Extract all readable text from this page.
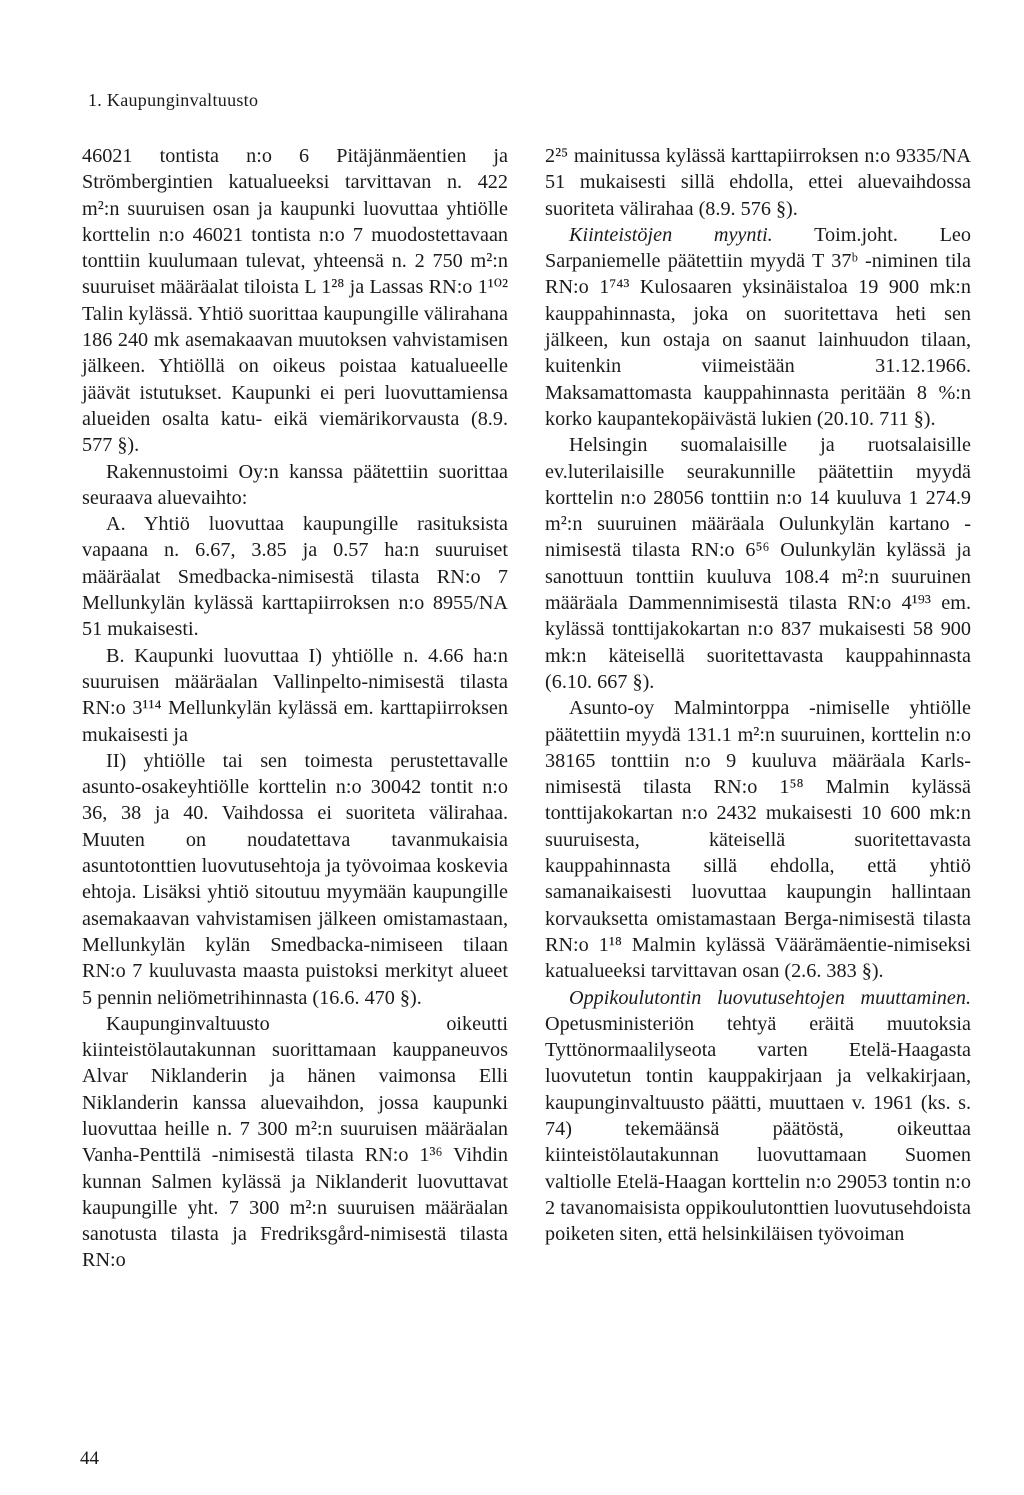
1. Kaupunginvaltuusto

46021 tontista n:o 6 Pitäjänmäentien ja Strömbergintien katualueeksi tarvittavan n. 422 m²:n suuruisen osan ja kaupunki luovuttaa yhtiölle korttelin n:o 46021 tontista n:o 7 muodostettavaan tonttiin kuulumaan tulevat, yhteensä n. 2 750 m²:n suuruiset määräalat tiloista L 1²⁸ ja Lassas RN:o 1¹⁰² Talin kylässä. Yhtiö suorittaa kaupungille välirahana 186 240 mk asemakaavan muutoksen vahvistamisen jälkeen. Yhtiöllä on oikeus poistaa katualueelle jäävät istutukset. Kaupunki ei peri luovuttamiensa alueiden osalta katu- eikä viemärikorvausta (8.9. 577 §).

Rakennustoimi Oy:n kanssa päätettiin suorittaa seuraava aluevaihto:

A. Yhtiö luovuttaa kaupungille rasituksista vapaana n. 6.67, 3.85 ja 0.57 ha:n suuruiset määräalat Smedbacka-nimisestä tilasta RN:o 7 Mellunkylän kylässä karttapiirroksen n:o 8955/NA 51 mukaisesti.

B. Kaupunki luovuttaa I) yhtiölle n. 4.66 ha:n suuruisen määräalan Vallinpelto-nimisestä tilasta RN:o 3¹¹⁴ Mellunkylän kylässä em. karttapiirroksen mukaisesti ja

II) yhtiölle tai sen toimesta perustettavalle asunto-osakeyhtiölle korttelin n:o 30042 tontit n:o 36, 38 ja 40. Vaihdossa ei suoriteta välirahaa. Muuten on noudatettava tavanmukaisia asuntotonttien luovutusehtoja ja työvoimaa koskevia ehtoja. Lisäksi yhtiö sitoutuu myymään kaupungille asemakaavan vahvistamisen jälkeen omistamastaan, Mellunkylän kylän Smedbacka-nimiseen tilaan RN:o 7 kuuluvasta maasta puistoksi merkityt alueet 5 pennin neliömetrihinnasta (16.6. 470 §).

Kaupunginvaltuusto oikeutti kiinteistölautakunnan suorittamaan kauppaneuvos Alvar Niklanderin ja hänen vaimonsa Elli Niklanderin kanssa aluevaihdon, jossa kaupunki luovuttaa heille n. 7 300 m²:n suuruisen määräalan Vanha-Penttilä -nimisestä tilasta RN:o 1³⁶ Vihdin kunnan Salmen kylässä ja Niklanderit luovuttavat kaupungille yht. 7 300 m²:n suuruisen määräalan sanotusta tilasta ja Fredriksgård-nimisestä tilasta RN:o

2²⁵ mainitussa kylässä karttapiirroksen n:o 9335/NA 51 mukaisesti sillä ehdolla, ettei aluevaihdossa suoriteta välirahaa (8.9. 576 §).

Kiinteistöjen myynti. Toim.joht. Leo Sarpaniemelle päätettiin myydä T 37ᵇ -niminen tila RN:o 1⁷⁴³ Kulosaaren yksinäistaloa 19 900 mk:n kauppahinnasta, joka on suoritettava heti sen jälkeen, kun ostaja on saanut lainhuudon tilaan, kuitenkin viimeistään 31.12.1966. Maksamattomasta kauppahinnasta peritään 8 %:n korko kaupantekopäivästä lukien (20.10. 711 §).

Helsingin suomalaisille ja ruotsalaisille ev.luterilaisille seurakunnille päätettiin myydä korttelin n:o 28056 tonttiin n:o 14 kuuluva 1 274.9 m²:n suuruinen määräala Oulunkylän kartano -nimisestä tilasta RN:o 6⁵⁶ Oulunkylän kylässä ja sanottuun tonttiin kuuluva 108.4 m²:n suuruinen määräala Dammennimisestä tilasta RN:o 4¹⁹³ em. kylässä tonttijakokartan n:o 837 mukaisesti 58 900 mk:n käteisellä suoritettavasta kauppahinnasta (6.10. 667 §).

Asunto-oy Malmintorppa -nimiselle yhtiölle päätettiin myydä 131.1 m²:n suuruinen, korttelin n:o 38165 tonttiin n:o 9 kuuluva määräala Karls-nimisestä tilasta RN:o 1⁵⁸ Malmin kylässä tonttijakokartan n:o 2432 mukaisesti 10 600 mk:n suuruisesta, käteisellä suoritettavasta kauppahinnasta sillä ehdolla, että yhtiö samanaikaisesti luovuttaa kaupungin hallintaan korvauksetta omistamastaan Berga-nimisestä tilasta RN:o 1¹⁸ Malmin kylässä Väärämäentie-nimiseksi katualueeksi tarvittavan osan (2.6. 383 §).

Oppikoulutontin luovutusehtojen muuttaminen. Opetusministeriön tehtyä eräitä muutoksia Tyttönormaalilyseota varten Etelä-Haagasta luovutetun tontin kauppakirjaan ja velkakirjaan, kaupunginvaltuusto päätti, muuttaen v. 1961 (ks. s. 74) tekemäänsä päätöstä, oikeuttaa kiinteistölautakunnan luovuttamaan Suomen valtiolle Etelä-Haagan korttelin n:o 29053 tontin n:o 2 tavanomaisista oppikoulutonttien luovutusehdoista poiketen siten, että helsinkiläisen työvoiman

44
